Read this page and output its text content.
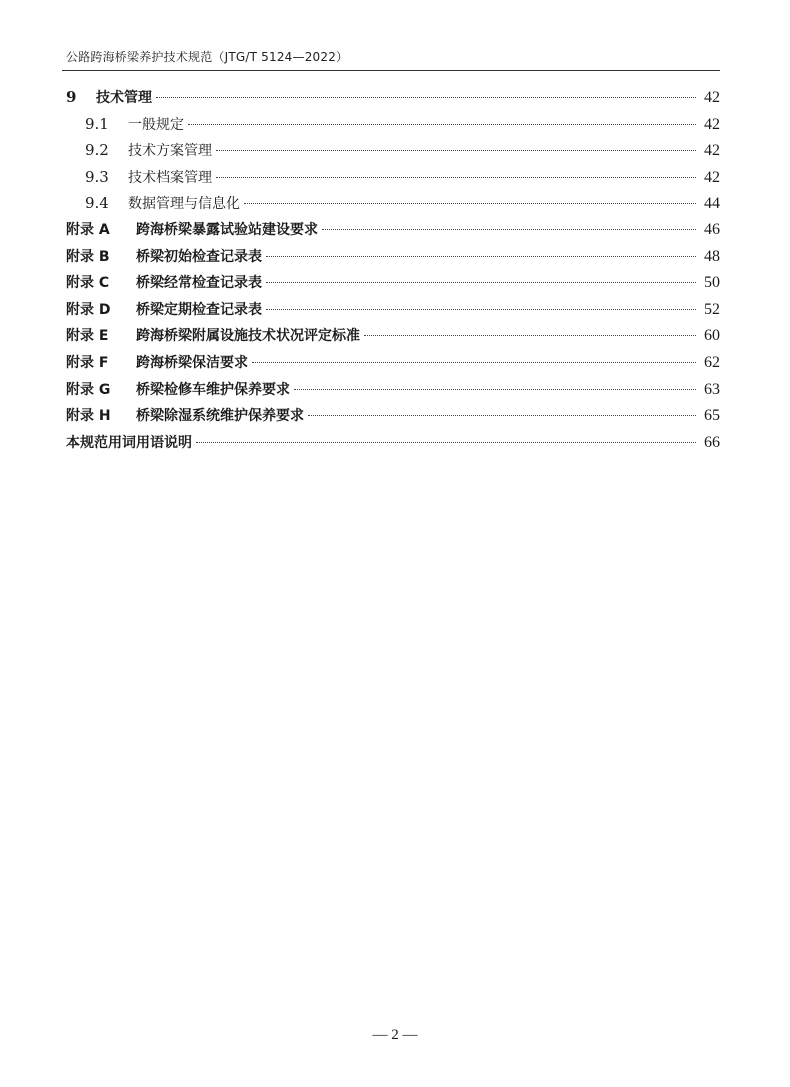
公路跨海桥梁养护技术规范（JTG/T 5124—2022）
9	技术管理	42
9.1	一般规定	42
9.2	技术方案管理	42
9.3	技术档案管理	42
9.4	数据管理与信息化	44
附录 A	跨海桥梁暴露试验站建设要求	46
附录 B	桥梁初始检查记录表	48
附录 C	桥梁经常检查记录表	50
附录 D	桥梁定期检查记录表	52
附录 E	跨海桥梁附属设施技术状况评定标准	60
附录 F	跨海桥梁保洁要求	62
附录 G	桥梁检修车维护保养要求	63
附录 H	桥梁除湿系统维护保养要求	65
本规范用词用语说明	66
— 2 —
